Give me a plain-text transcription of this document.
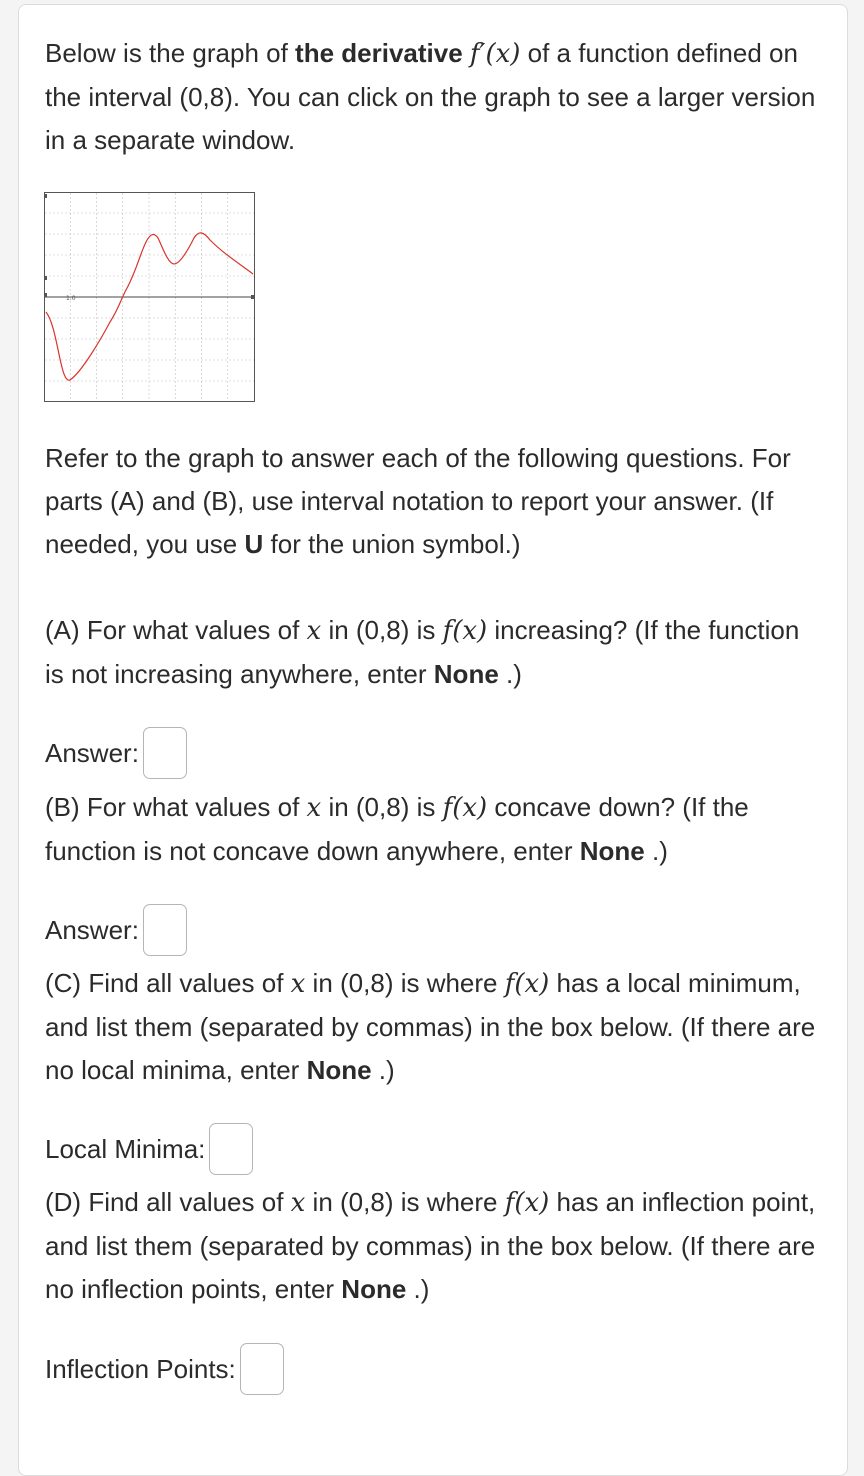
Below is the graph of the derivative f′(x) of a function defined on the interval (0,8). You can click on the graph to see a larger version in a separate window.

1.0

Refer to the graph to answer each of the following questions. For parts (A) and (B), use interval notation to report your answer. (If needed, you use U for the union symbol.)

(A) For what values of x in (0,8) is f(x) increasing? (If the function is not increasing anywhere, enter None .)

Answer:

(B) For what values of x in (0,8) is f(x) concave down? (If the function is not concave down anywhere, enter None .)

Answer:

(C) Find all values of x in (0,8) is where f(x) has a local minimum, and list them (separated by commas) in the box below. (If there are no local minima, enter None .)

Local Minima:

(D) Find all values of x in (0,8) is where f(x) has an inflection point, and list them (separated by commas) in the box below. (If there are no inflection points, enter None .)

Inflection Points:
